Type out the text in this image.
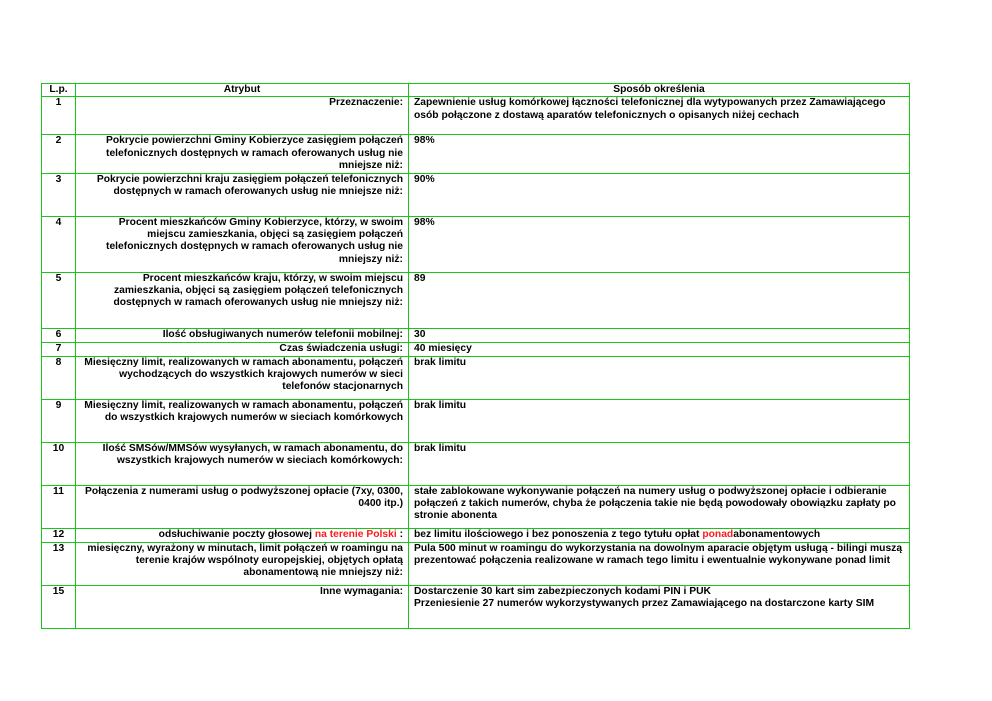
L.p.	Atrybut	Sposób określenia
1	Przeznaczenie:	Zapewnienie usług komórkowej łączności telefonicznej dla wytypowanych przez Zamawiającego osób połączone z dostawą aparatów telefonicznych o opisanych niżej cechach
2	Pokrycie powierzchni Gminy Kobierzyce zasięgiem połączeń telefonicznych dostępnych w ramach oferowanych usług nie mniejsze niż:	98%
3	Pokrycie powierzchni kraju zasięgiem połączeń telefonicznych dostępnych w ramach oferowanych usług nie mniejsze niż:	90%
4	Procent mieszkańców Gminy Kobierzyce, którzy, w swoim miejscu zamieszkania, objęci są zasięgiem połączeń telefonicznych dostępnych w ramach oferowanych usług nie mniejszy niż:	98%
5	Procent mieszkańców kraju, którzy, w swoim miejscu zamieszkania, objęci są zasięgiem połączeń telefonicznych dostępnych w ramach oferowanych usług nie mniejszy niż:	89
6	Ilość obsługiwanych numerów telefonii mobilnej:	30
7	Czas świadczenia usługi:	40 miesięcy
8	Miesięczny limit, realizowanych w ramach abonamentu, połączeń wychodzących do wszystkich krajowych numerów w sieci telefonów stacjonarnych	brak limitu
9	Miesięczny limit, realizowanych w ramach abonamentu, połączeń do wszystkich krajowych numerów w sieciach komórkowych	brak limitu
10	Ilość SMSów/MMSów wysyłanych, w ramach abonamentu, do wszystkich krajowych numerów w sieciach komórkowych:	brak limitu
11	Połączenia z numerami usług o podwyższonej opłacie (7xy, 0300, 0400 itp.)	stałe zablokowane wykonywanie połączeń na numery usług o podwyższonej opłacie i odbieranie połączeń z takich numerów, chyba że połączenia takie nie będą powodowały obowiązku zapłaty po stronie abonenta
12	odsłuchiwanie poczty głosowej na terenie Polski :	bez limitu ilościowego i bez ponoszenia z tego tytułu opłat ponadabonamentowych
13	miesięczny, wyrażony w minutach, limit połączeń w roamingu na terenie krajów wspólnoty europejskiej, objętych opłatą abonamentową nie mniejszy niż:	Pula 500 minut w roamingu do wykorzystania na dowolnym aparacie objętym usługą - bilingi muszą prezentować połączenia realizowane w ramach tego limitu i ewentualnie wykonywane ponad limit
15	Inne wymagania:	Dostarczenie 30 kart sim zabezpieczonych kodami PIN i PUK
Przeniesienie 27 numerów wykorzystywanych przez Zamawiającego na dostarczone karty SIM
